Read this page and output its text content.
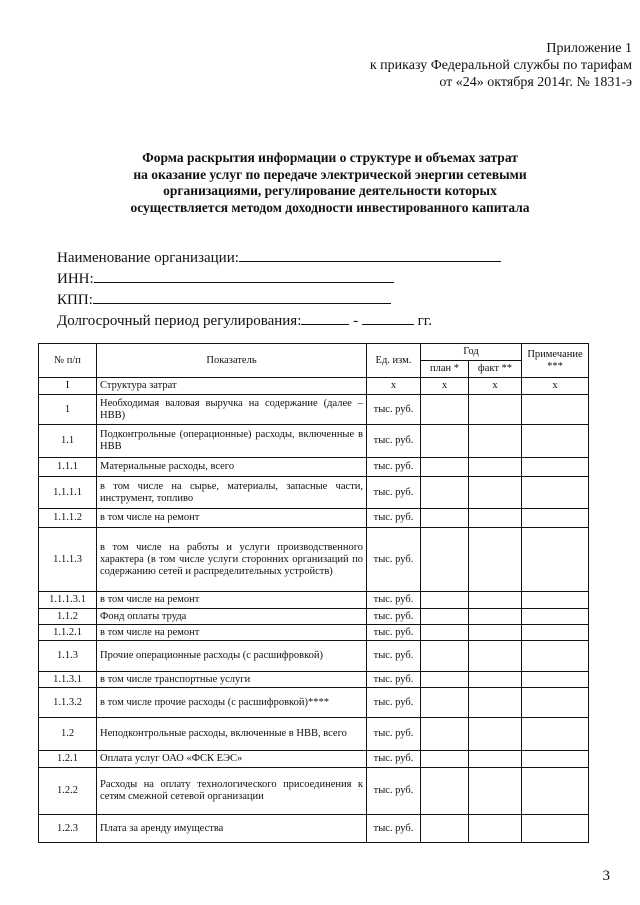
Приложение 1
к приказу Федеральной службы по тарифам
от «24» октября 2014г. № 1831-э
Форма раскрытия информации о структуре и объемах затрат
на оказание услуг по передаче электрической энергии сетевыми
организациями, регулирование деятельности которых
осуществляется методом доходности инвестированного капитала
Наименование организации:
ИНН:
КПП:
Долгосрочный период регулирования:	-	гг.
№ п/п	Показатель	Ед. изм.	Год		Примечание ***
			план *	факт **	
I	Структура затрат	х	х	х	х
1	Необходимая валовая выручка на содержание (далее – НВВ)	тыс. руб.			
1.1	Подконтрольные (операционные) расходы, включенные в НВВ	тыс. руб.			
1.1.1	Материальные расходы, всего	тыс. руб.			
1.1.1.1	в том числе на сырье, материалы, запасные части, инструмент, топливо	тыс. руб.			
1.1.1.2	в том числе на ремонт	тыс. руб.			
1.1.1.3	в том числе на работы и услуги производственного характера (в том числе услуги сторонних организаций по содержанию сетей и распределительных устройств)	тыс. руб.			
1.1.1.3.1	в том числе на ремонт	тыс. руб.			
1.1.2	Фонд оплаты труда	тыс. руб.			
1.1.2.1	в том числе на ремонт	тыс. руб.			
1.1.3	Прочие операционные расходы (с расшифровкой)	тыс. руб.			
1.1.3.1	в том числе транспортные услуги	тыс. руб.			
1.1.3.2	в том числе прочие расходы (с расшифровкой)****	тыс. руб.			
1.2	Неподконтрольные расходы, включенные в НВВ, всего	тыс. руб.			
1.2.1	Оплата услуг ОАО «ФСК ЕЭС»	тыс. руб.			
1.2.2	Расходы на оплату технологического присоединения к сетям смежной сетевой организации	тыс. руб.			
1.2.3	Плата за аренду имущества	тыс. руб.			
3
